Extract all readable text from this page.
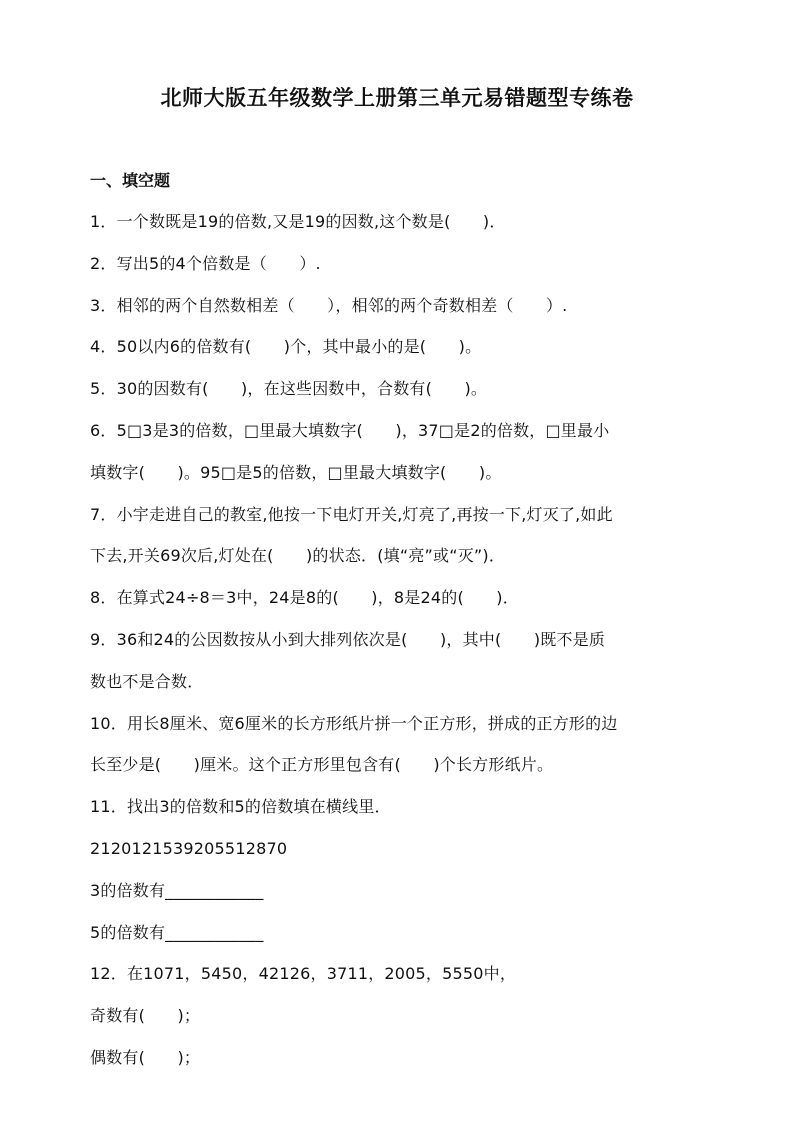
北师大版五年级数学上册第三单元易错题型专练卷
一、填空题
1．一个数既是19的倍数,又是19的因数,这个数是(　　)．
2．写出5的4个倍数是（　　）.
3．相邻的两个自然数相差（　　），相邻的两个奇数相差（　　）.
4．50以内6的倍数有(　　)个，其中最小的是(　　)。
5．30的因数有(　　)，在这些因数中，合数有(　　)。
6．5□3是3的倍数，□里最大填数字(　　)，37□是2的倍数，□里最小
填数字(　　)。95□是5的倍数，□里最大填数字(　　)。
7．小宇走进自己的教室,他按一下电灯开关,灯亮了,再按一下,灯灭了,如此
下去,开关69次后,灯处在(　　)的状态．(填“亮”或“灭”)．
8．在算式24÷8＝3中，24是8的(　　)，8是24的(　　)．
9．36和24的公因数按从小到大排列依次是(　　)，其中(　　)既不是质
数也不是合数．
10．用长8厘米、宽6厘米的长方形纸片拼一个正方形，拼成的正方形的边
长至少是(　　)厘米。这个正方形里包含有(　　)个长方形纸片。
11．找出3的倍数和5的倍数填在横线里．
212012153920551287​0
3的倍数有____________
5的倍数有____________
12．在1071，5450，42126，3711，2005，5550中，
奇数有(　　)；
偶数有(　　)；
